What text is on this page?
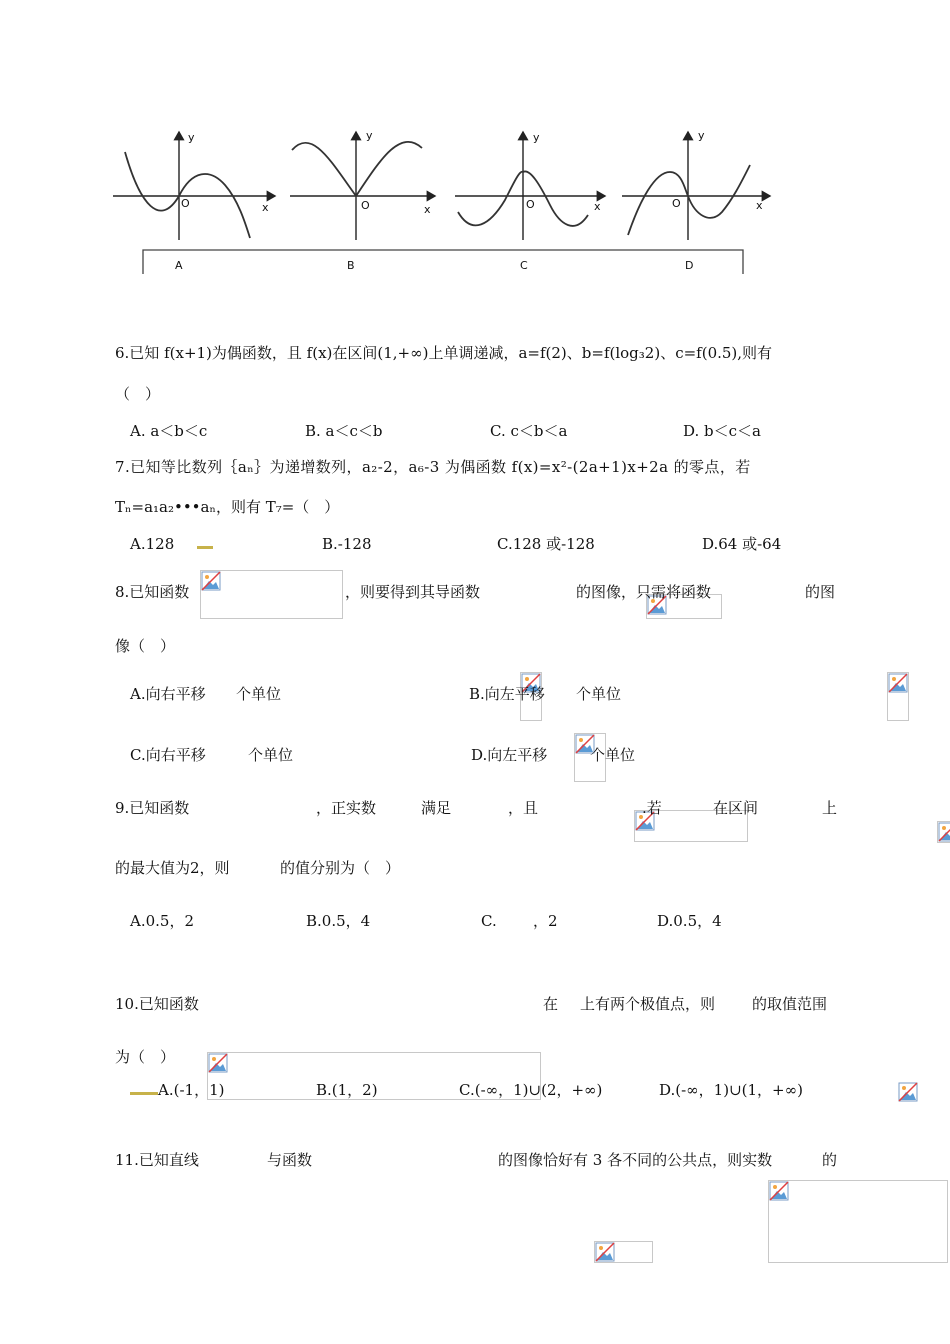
y
x
O
y
x
O
y
x
O
y
x
O
A	B	C	D
6.已知 f(x+1)为偶函数，且 f(x)在区间(1,+∞)上单调递减，a=f(2)、b=f(log₃2)、c=f(0.5),则有
（　）
A. a＜b＜c	B. a＜c＜b	C. c＜b＜a	D. b＜c＜a
7.已知等比数列｛aₙ｝为递增数列，a₂-2，a₆-3 为偶函数 f(x)=x²-(2a+1)x+2a 的零点，若
Tₙ=a₁a₂•••aₙ，则有 T₇=（　）
A.128	B.-128	C.128 或-128	D.64 或-64
8.已知函数
	，则要得到其导函数
	的图像，只需将函数
	的图
像（　）
A.向右平移
个单位	B.向左平移
个单位
C.向右平移
	个单位	D.向左平移
	个单位
9.已知函数
	，正实数
	满足
	，且
	.若
	在区间
	上
的最大值为2，则
	的值分别为（　）
A.0.5，2	B.0.5，4	C.
，2	D.0.5，4
10.已知函数
	在
上有两个极值点，则
的取值范围
为（　）
A.(-1，1)	B.(1，2)	C.(-∞，1)∪(2，+∞)	D.(-∞，1)∪(1，+∞)
11.已知直线
	与函数
	的图像恰好有 3 各不同的公共点，则实数	的
